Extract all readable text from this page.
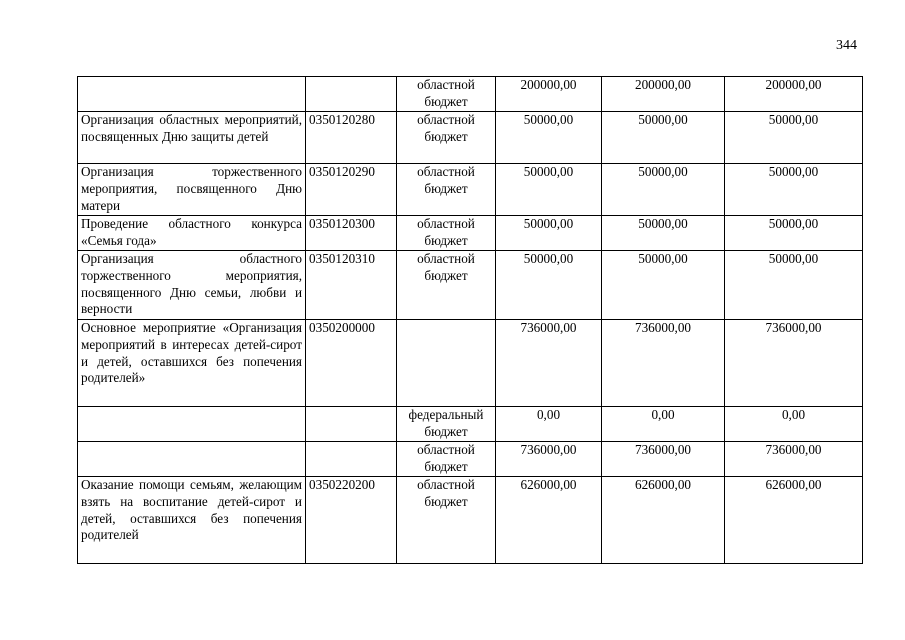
344
		областной бюджет	200000,00	200000,00	200000,00
Организация областных мероприятий, посвященных Дню защиты детей	0350120280	областной бюджет	50000,00	50000,00	50000,00
Организация торжественного мероприятия, посвященного Дню матери	0350120290	областной бюджет	50000,00	50000,00	50000,00
Проведение областного конкурса «Семья года»	0350120300	областной бюджет	50000,00	50000,00	50000,00
Организация областного торжественного мероприятия, посвященного Дню семьи, любви и верности	0350120310	областной бюджет	50000,00	50000,00	50000,00
Основное мероприятие «Организация мероприятий в интересах детей-сирот и детей, оставшихся без попечения родителей»	0350200000		736000,00	736000,00	736000,00
		федеральный бюджет	0,00	0,00	0,00
		областной бюджет	736000,00	736000,00	736000,00
Оказание помощи семьям, желающим взять на воспитание детей-сирот и детей, оставшихся без попечения родителей	0350220200	областной бюджет	626000,00	626000,00	626000,00
